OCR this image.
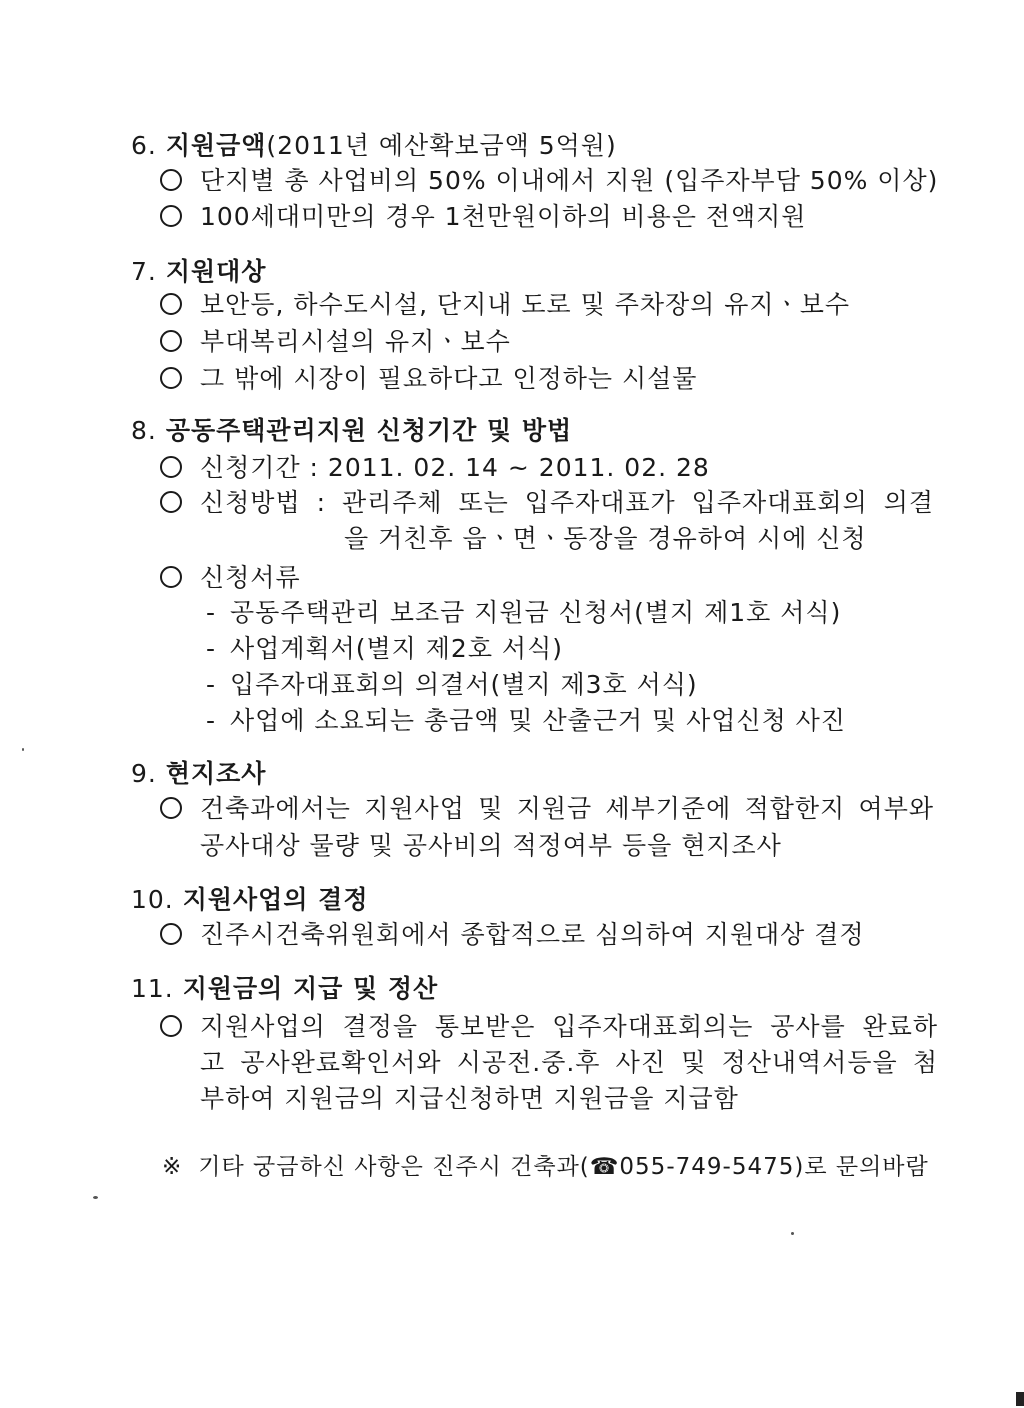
6. 지원금액(2011년 예산확보금액 5억원)
단지별 총 사업비의 50% 이내에서 지원 (입주자부담 50% 이상)
100세대미만의 경우 1천만원이하의 비용은 전액지원
7. 지원대상
보안등, 하수도시설, 단지내 도로 및 주차장의 유지ㆍ보수
부대복리시설의 유지ㆍ보수
그 밖에 시장이 필요하다고 인정하는 시설물
8. 공동주택관리지원 신청기간 및 방법
신청기간 : 2011. 02. 14 ~ 2011. 02. 28
신청방법 : 관리주체 또는 입주자대표가 입주자대표회의 의결
을 거친후 읍ㆍ면ㆍ동장을 경유하여 시에 신청
신청서류
- 공동주택관리 보조금 지원금 신청서(별지 제1호 서식)
- 사업계획서(별지 제2호 서식)
- 입주자대표회의 의결서(별지 제3호 서식)
- 사업에 소요되는 총금액 및 산출근거 및 사업신청 사진
9. 현지조사
건축과에서는 지원사업 및 지원금 세부기준에 적합한지 여부와
공사대상 물량 및 공사비의 적정여부 등을 현지조사
10. 지원사업의 결정
진주시건축위원회에서 종합적으로 심의하여 지원대상 결정
11. 지원금의 지급 및 정산
지원사업의 결정을 통보받은 입주자대표회의는 공사를 완료하
고 공사완료확인서와 시공전.중.후 사진 및 정산내역서등을 첨
부하여 지원금의 지급신청하면 지원금을 지급함
※ 기타 궁금하신 사항은 진주시 건축과(☎055-749-5475)로 문의바람
